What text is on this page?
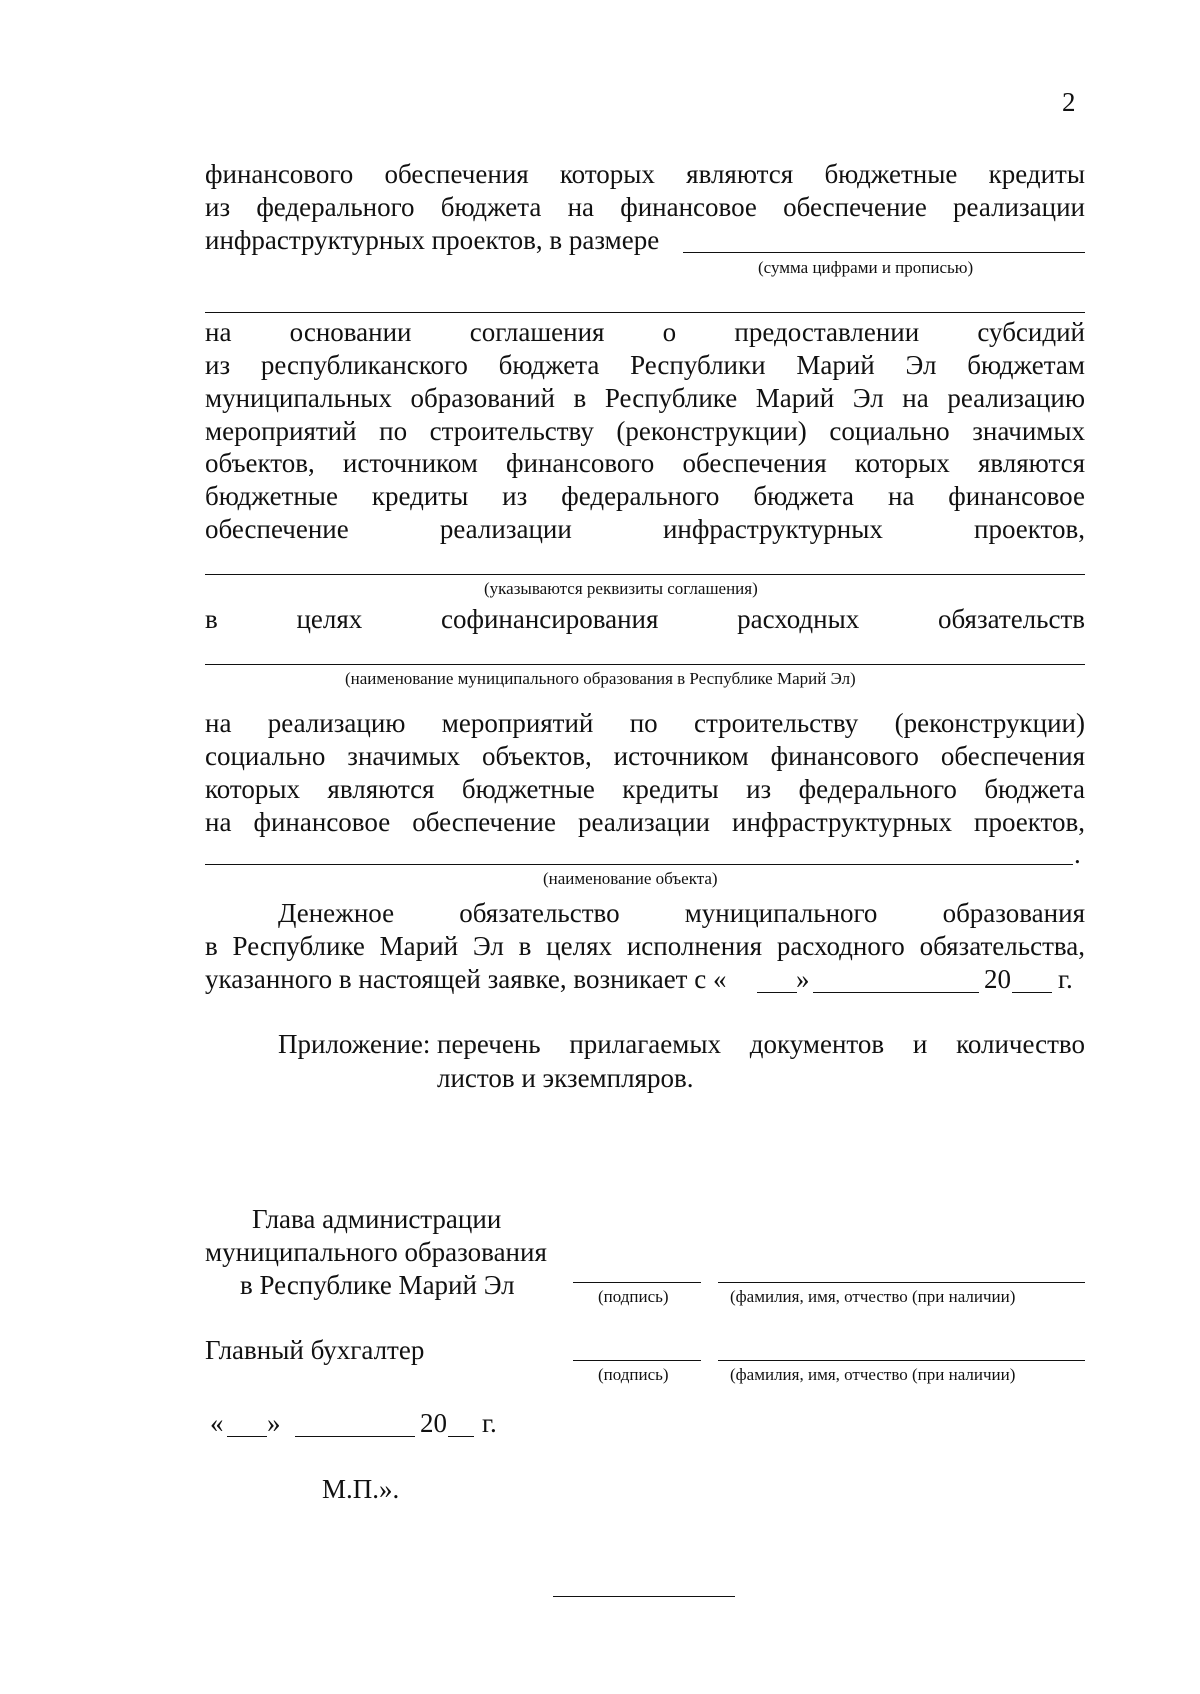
2
финансового обеспечения которых являются бюджетные кредиты
из федерального бюджета на финансовое обеспечение реализации
инфраструктурных проектов, в размере
(сумма цифрами и прописью)
на основании соглашения о предоставлении субсидий
из республиканского бюджета Республики Марий Эл бюджетам
муниципальных образований в Республике Марий Эл на реализацию
мероприятий по строительству (реконструкции) социально значимых
объектов, источником финансового обеспечения которых являются
бюджетные кредиты из федерального бюджета на финансовое
обеспечение реализации инфраструктурных проектов,
(указываются реквизиты соглашения)
в целях софинансирования расходных обязательств
(наименование муниципального образования в Республике Марий Эл)
на реализацию мероприятий по строительству (реконструкции)
социально значимых объектов, источником финансового обеспечения
которых являются бюджетные кредиты из федерального бюджета
на финансовое обеспечение реализации инфраструктурных проектов,
.
(наименование объекта)
Денежное обязательство муниципального образования
в Республике Марий Эл в целях исполнения расходного обязательства,
указанного в настоящей заявке, возникает с «	»	20 г.
Приложение: перечень прилагаемых документов и количество
листов и экземпляров.
Глава администрации
муниципального образования
в Республике Марий Эл	(подпись)	(фамилия, имя, отчество (при наличии)
Главный бухгалтер
(подпись)	(фамилия, имя, отчество (при наличии)
« »	20 г.
М.П.».
